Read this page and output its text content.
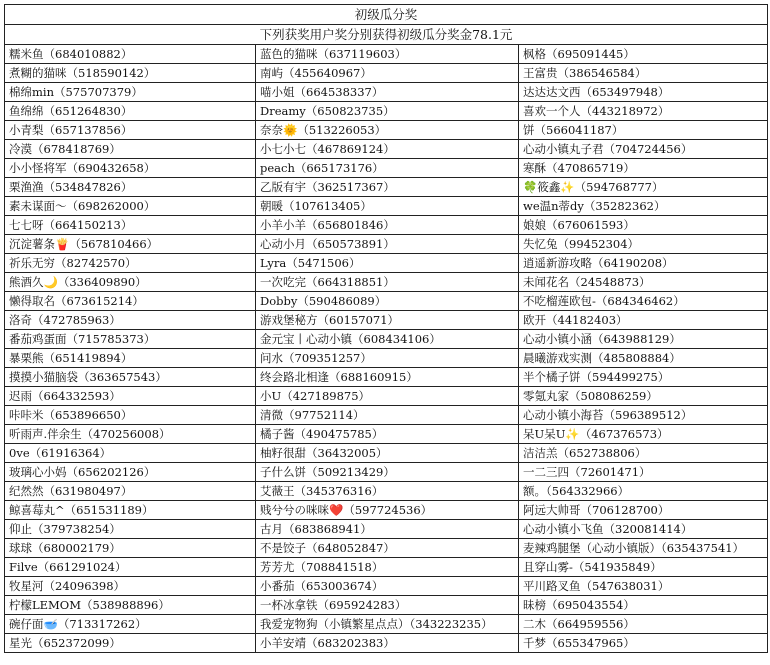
初级瓜分奖		
下列获奖用户奖分别获得初级瓜分奖金78.1元		
糯米鱼（684010882）	蓝色的猫咪（637119603）	枫格（695091445）
煮糊的猫咪（518590142）	南屿（455640967）	王富贵（386546584）
棉绵min（575707379）	喵小姐（664538337）	达达达文西（653497948）
鱼绵绵（651264830）	Dreamy（650823735）	喜欢一个人（443218972）
小青梨（657137856）	奈奈🌞（513226053）	饼（566041187）
冷漠（678418769）	小七小七（467869124）	心动小镇丸子君（704724456）
小小怪将军（690432658）	peach（665173176）	寒酥（470865719）
栗渔渔（534847826）	乙版有宇（362517367）	🍀筱鑫✨（594768777）
素未谋面～（698262000）	朝暖（107613405）	we温n蒂dy（35282362）
七七呀（664150213）	小羊小羊（656801846）	娘娘（676061593）
沉淀薯条🍟（567810466）	心动小月（650573891）	失忆兔（99452304）
祈乐无穷（82742570）	Lyra（5471506）	逍遥新游攻略（64190208）
熊酒久🌙（336409890）	一次吃完（664318851）	未闻花名（24548873）
懒得取名（673615214）	Dobby（590486089）	不吃榴莲欧包-（684346462）
洛奇（472785963）	游戏堡秘方（60157071）	欧开（44182403）
番茄鸡蛋面（715785373）	金元宝丨心动小镇（608434106）	心动小镇小涵（643988129）
暴栗熊（651419894）	问水（709351257）	晨曦游戏实测（485808884）
摸摸小猫脑袋（363657543）	终会路北相逢（688160915）	半个橘子饼（594499275）
迟雨（664332593）	小U（427189875）	零氪丸家（508086259）
咔咔米（653896650）	清微（97752114）	心动小镇小海苔（596389512）
听雨声.伴余生（470256008）	橘子酱（490475785）	呆U呆U✨（467376573）
0ve（61916364）	柚籽很甜（36432005）	洁洁羔（652738806）
玻璃心小妈（656202126）	子什么饼（509213429）	一二三四（72601471）
纪然然（631980497）	艾薇王（345376316）	额。（564332966）
鲸喜莓丸^（651531189）	贱兮兮の咪咪❤️（597724536）	阿远大帅哥（706128700）
仰止（379738254）	古月（683868941）	心动小镇小飞鱼（320081414）
球球（680002179）	不是饺子（648052847）	麦辣鸡腿堡（心动小镇版）（635437541）
Filve（661291024）	芳芳尤（708841518）	且穿山雾-（541935849）
牧星河（24096398）	小番茄（653003674）	平川路叉鱼（547638031）
柠檬LEMOM（538988896）	一杯冰拿铁（695924283）	昧榜（695043554）
碗仔面🥣（713317262）	我爱宠物狗（小镇繁星点点）（343223235）	二木（664959556）
星光（652372099）	小羊安靖（683202383）	千梦（655347965）
